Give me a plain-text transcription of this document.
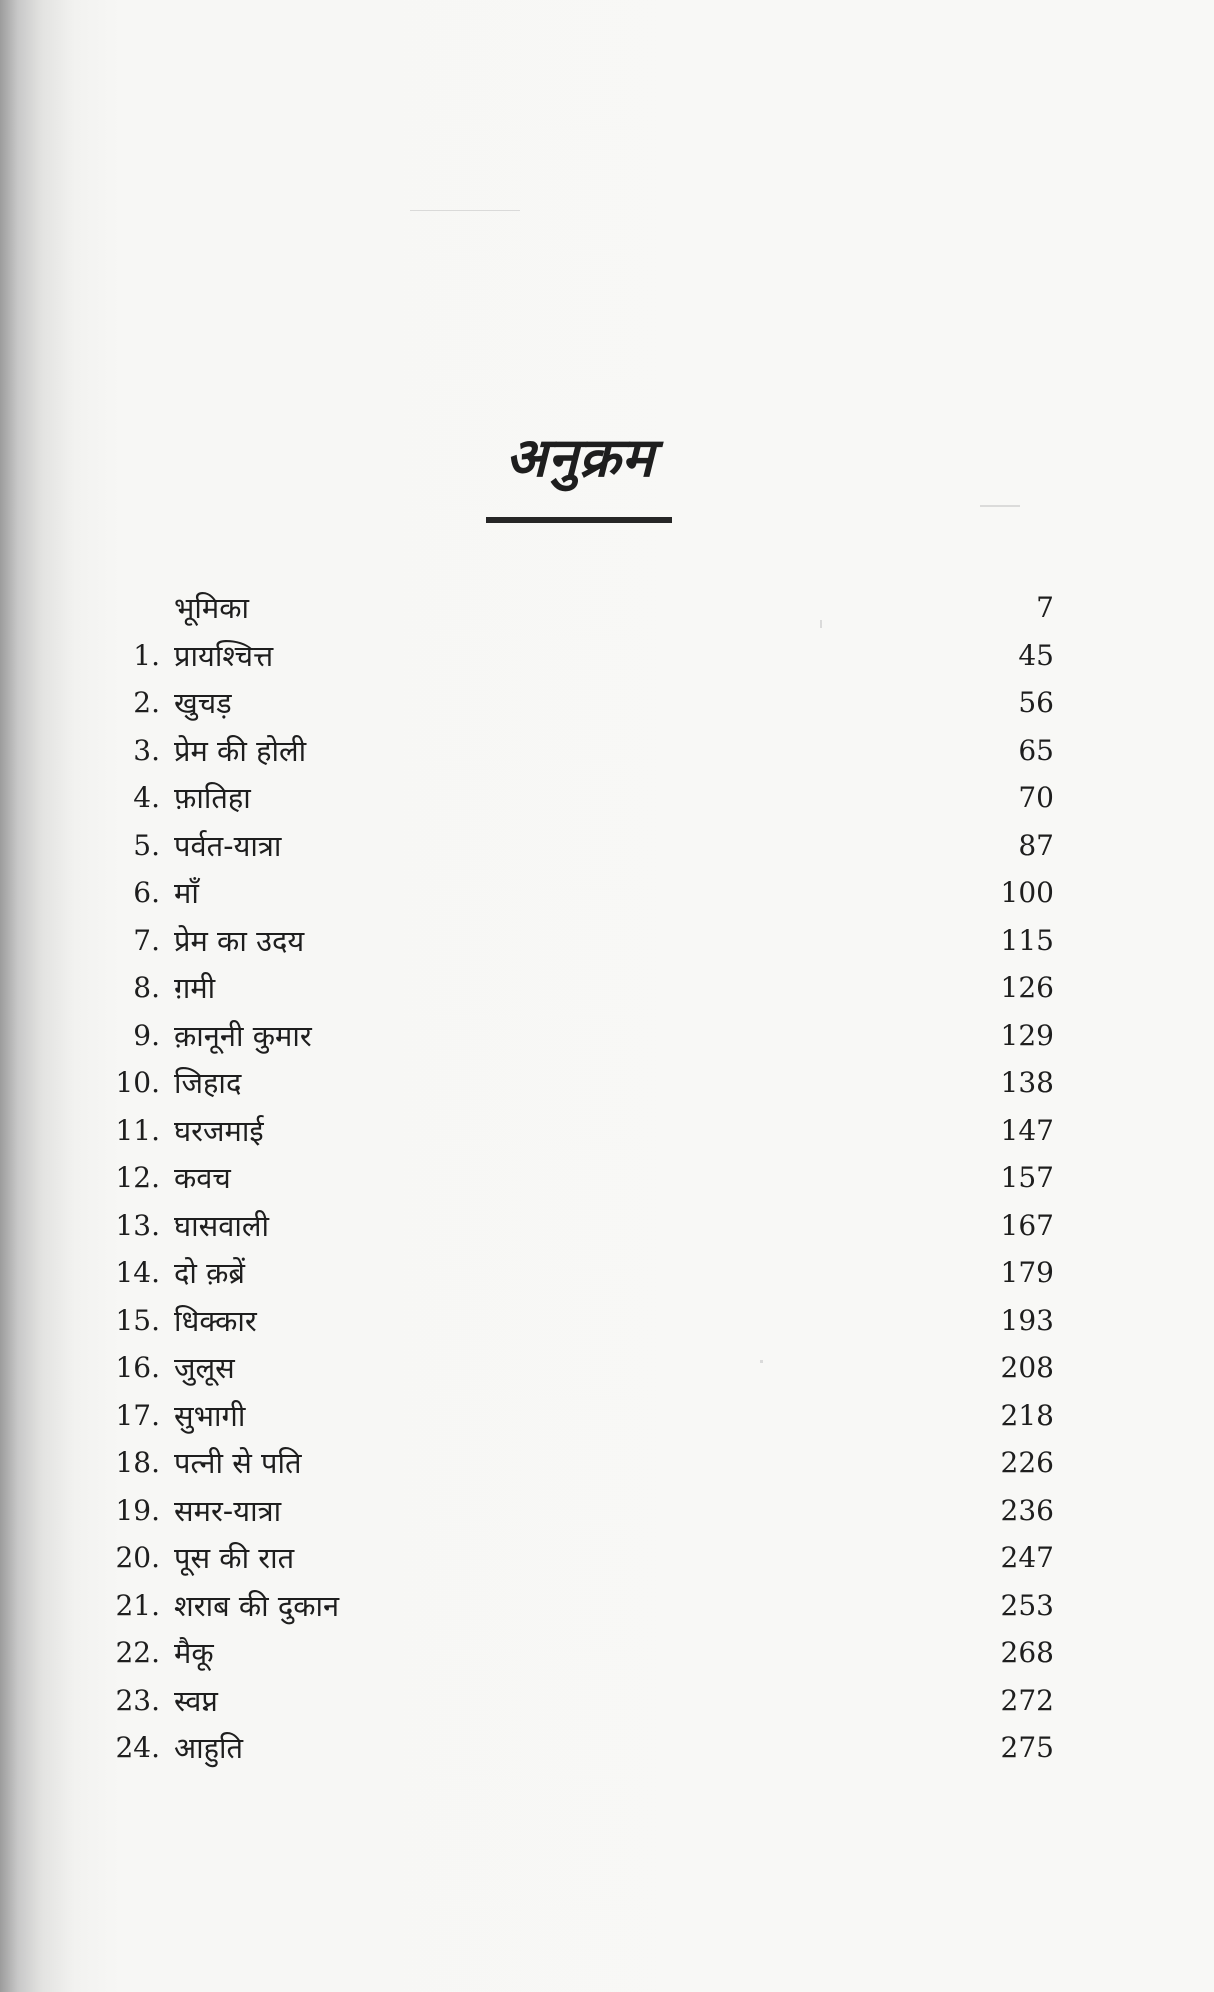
अनुक्रम
भूमिका	7
1. प्रायश्चित्त	45
2. खुचड़	56
3. प्रेम की होली	65
4. फ़ातिहा	70
5. पर्वत-यात्रा	87
6. माँ	100
7. प्रेम का उदय	115
8. ग़मी	126
9. क़ानूनी कुमार	129
10. जिहाद	138
11. घरजमाई	147
12. कवच	157
13. घासवाली	167
14. दो क़ब्रें	179
15. धिक्कार	193
16. जुलूस	208
17. सुभागी	218
18. पत्नी से पति	226
19. समर-यात्रा	236
20. पूस की रात	247
21. शराब की दुकान	253
22. मैकू	268
23. स्वप्न	272
24. आहुति	275
